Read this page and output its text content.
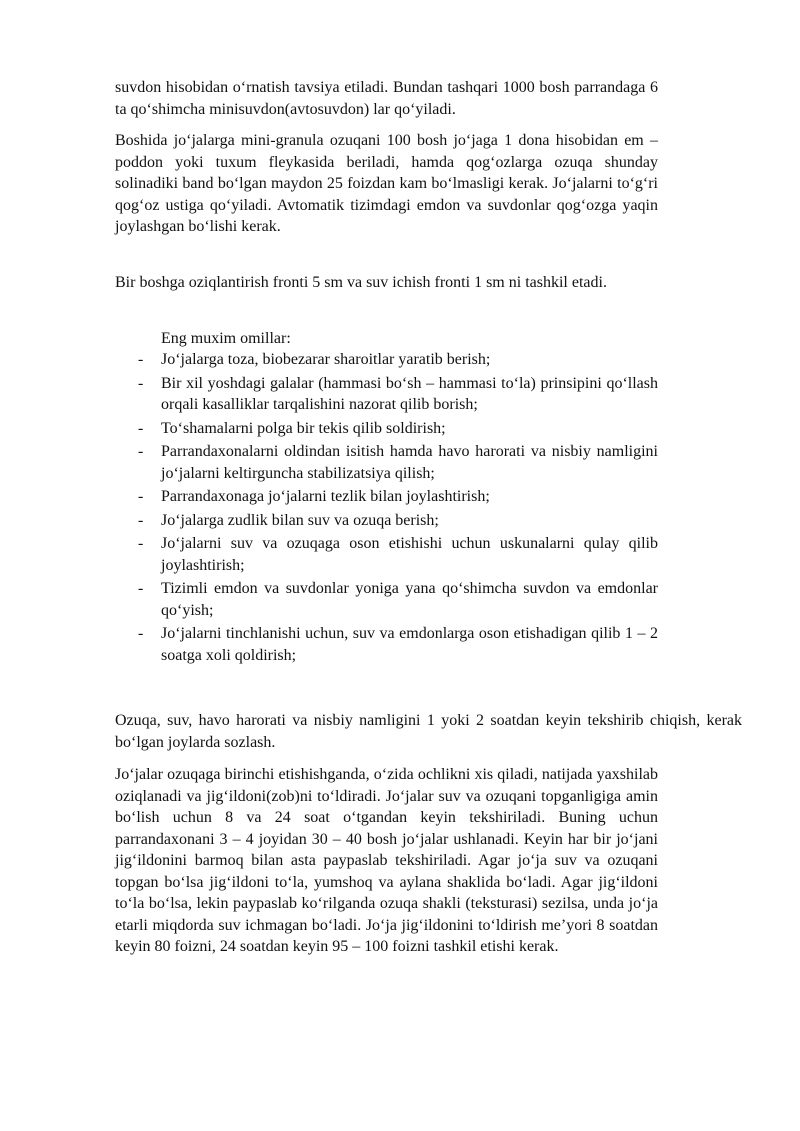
suvdon hisobidan o‘rnatish tavsiya etiladi. Bundan tashqari 1000 bosh parrandaga 6 ta qo‘shimcha minisuvdon(avtosuvdon) lar qo‘yiladi.

Boshida jo‘jalarga mini-granula ozuqani 100 bosh jo‘jaga 1 dona hisobidan em – poddon yoki tuxum fleykasida beriladi, hamda qog‘ozlarga ozuqa shunday solinadiki band bo‘lgan maydon 25 foizdan kam bo‘lmasligi kerak. Jo‘jalarni to‘g‘ri qog‘oz ustiga qo‘yiladi. Avtomatik tizimdagi emdon va suvdonlar qog‘ozga yaqin joylashgan bo‘lishi kerak.

Bir boshga oziqlantirish fronti 5 sm va suv ichish fronti 1 sm ni tashkil etadi.

Eng muxim omillar:

- Jo‘jalarga toza, biobezarar sharoitlar yaratib berish;
- Bir xil yoshdagi galalar (hammasi bo‘sh – hammasi to‘la) prinsipini qo‘llash orqali kasalliklar tarqalishini nazorat qilib borish;
- To‘shamalarni polga bir tekis qilib soldirish;
- Parrandaxonalarni oldindan isitish hamda havo harorati va nisbiy namligini jo‘jalarni keltirguncha stabilizatsiya qilish;
- Parrandaxonaga jo‘jalarni tezlik bilan joylashtirish;
- Jo‘jalarga zudlik bilan suv va ozuqa berish;
- Jo‘jalarni suv va ozuqaga oson etishishi uchun uskunalarni qulay qilib joylashtirish;
- Tizimli emdon va suvdonlar yoniga yana qo‘shimcha suvdon va emdonlar qo‘yish;
- Jo‘jalarni tinchlanishi uchun, suv va emdonlarga oson etishadigan qilib 1 – 2 soatga xoli qoldirish;

Ozuqa, suv, havo harorati va nisbiy namligini 1 yoki 2 soatdan keyin tekshirib chiqish, kerak bo‘lgan joylarda sozlash.

Jo‘jalar ozuqaga birinchi etishishganda, o‘zida ochlikni xis qiladi, natijada yaxshilab oziqlanadi va jig‘ildoni(zob)ni to‘ldiradi. Jo‘jalar suv va ozuqani topganligiga amin bo‘lish uchun 8 va 24 soat o‘tgandan keyin tekshiriladi. Buning uchun parrandaxonani 3 – 4 joyidan 30 – 40 bosh jo‘jalar ushlanadi. Keyin har bir jo‘jani jig‘ildonini barmoq bilan asta paypaslab tekshiriladi. Agar jo‘ja suv va ozuqani topgan bo‘lsa jig‘ildoni to‘la, yumshoq va aylana shaklida bo‘ladi. Agar jig‘ildoni to‘la bo‘lsa, lekin paypaslab ko‘rilganda ozuqa shakli (teksturasi) sezilsa, unda jo‘ja etarli miqdorda suv ichmagan bo‘ladi. Jo‘ja jig‘ildonini to‘ldirish me’yori 8 soatdan keyin 80 foizni, 24 soatdan keyin 95 – 100 foizni tashkil etishi kerak.
